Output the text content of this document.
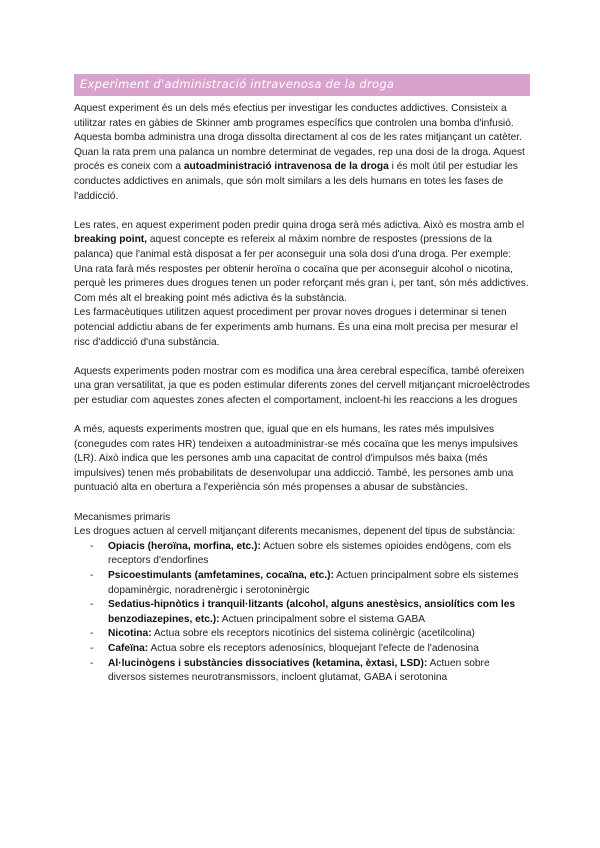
Experiment d'administració intravenosa de la droga

Aquest experiment és un dels més efectius per investigar les conductes addictives. Consisteix a utilitzar rates en gàbies de Skinner amb programes específics que controlen una bomba d'infusió. Aquesta bomba administra una droga dissolta directament al cos de les rates mitjançant un catèter. Quan la rata prem una palanca un nombre determinat de vegades, rep una dosi de la droga. Aquest procés es coneix com a autoadministració intravenosa de la droga i és molt útil per estudiar les conductes addictives en animals, que són molt similars a les dels humans en totes les fases de l'addicció.

Les rates, en aquest experiment poden predir quina droga serà més adictiva. Això es mostra amb el breaking point, aquest concepte es refereix al màxim nombre de respostes (pressions de la palanca) que l'animal està disposat a fer per aconseguir una sola dosi d'una droga. Per exemple: Una rata farà més respostes per obtenir heroïna o cocaïna que per aconseguir alcohol o nicotina, perquè les primeres dues drogues tenen un poder reforçant més gran i, per tant, són més addictives.

Com més alt el breaking point més adictiva és la substància.

Les farmacèutiques utilitzen aquest procediment per provar noves drogues i determinar si tenen potencial addictiu abans de fer experiments amb humans. És una eina molt precisa per mesurar el risc d'addicció d'una substància.

Aquests experiments poden mostrar com es modifica una àrea cerebral específica, també ofereixen una gran versatilitat, ja que es poden estimular diferents zones del cervell mitjançant microelèctrodes per estudiar com aquestes zones afecten el comportament, incloent-hi les reaccions a les drogues

A més, aquests experiments mostren que, igual que en els humans, les rates més impulsives (conegudes com rates HR) tendeixen a autoadministrar-se més cocaïna que les menys impulsives (LR). Això indica que les persones amb una capacitat de control d'impulsos més baixa (més impulsives) tenen més probabilitats de desenvolupar una addicció. També, les persones amb una puntuació alta en obertura a l'experiència són més propenses a abusar de substàncies.

Mecanismes primaris

Les drogues actuen al cervell mitjançant diferents mecanismes, depenent del tipus de substància:

- Opiacis (heroïna, morfina, etc.): Actuen sobre els sistemes opioides endògens, com els receptors d'endorfines
- Psicoestimulants (amfetamines, cocaïna, etc.): Actuen principalment sobre els sistemes dopaminèrgic, noradrenèrgic i serotoninèrgic
- Sedatius-hipnòtics i tranquil·litzants (alcohol, alguns anestèsics, ansiolítics com les benzodiazepines, etc.): Actuen principalment sobre el sistema GABA
- Nicotina: Actua sobre els receptors nicotínics del sistema colinèrgic (acetilcolina)
- Cafeïna: Actua sobre els receptors adenosínics, bloquejant l'efecte de l'adenosina
- Al·lucinògens i substàncies dissociatives (ketamina, èxtasi, LSD): Actuen sobre diversos sistemes neurotransmissors, incloent glutamat, GABA i serotonina
